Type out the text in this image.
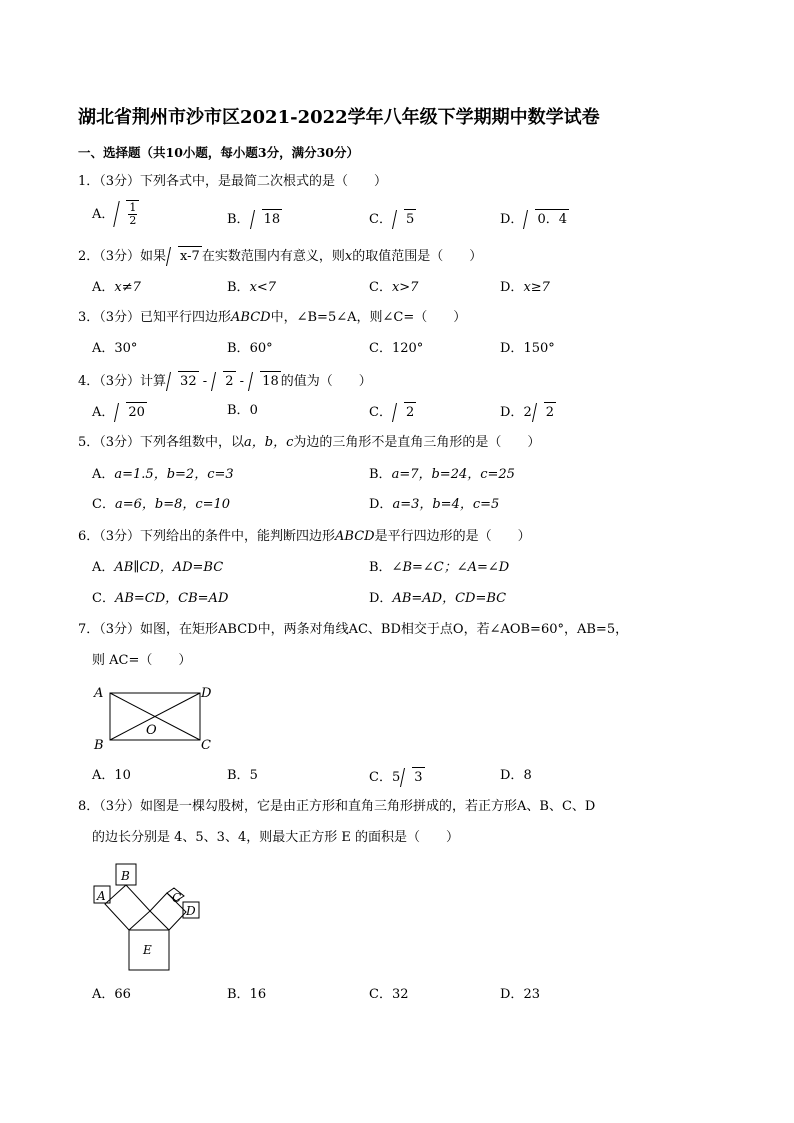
湖北省荆州市沙市区2021-2022学年八年级下学期期中数学试卷
一、选择题（共10小题，每小题3分，满分30分）
1．（3分）下列各式中，是最简二次根式的是（　　）
A． $\frac{1}{2}$	B． 18	C． 5	D． 0．4
2．（3分）如果 x-7 在实数范围内有意义，则x的取值范围是（　　）
A．x≠7	B．x<7	C．x>7	D．x≥7
3．（3分）已知平行四边形ABCD中，∠B=5∠A，则∠C=（　　）
A．30°	B．60°	C．120°	D．150°
4．（3分）计算 32 - 2 - 18 的值为（　　）
A． 20	B．0	C． 2	D．2 2
5．（3分）下列各组数中，以a，b，c为边的三角形不是直角三角形的是（　　）
A．a=1.5，b=2，c=3	B．a=7，b=24，c=25
C．a=6，b=8，c=10	D．a=3，b=4，c=5
6．（3分）下列给出的条件中，能判断四边形ABCD是平行四边形的是（　　）
A．AB∥CD，AD=BC	B．∠B=∠C；∠A=∠D
C．AB=CD，CB=AD	D．AB=AD，CD=BC
7．（3分）如图，在矩形ABCD中，两条对角线AC、BD相交于点O，若∠AOB=60°，AB=5，
则 AC=（　　）
A	D
B	C
O
A．10	B．5	C．5 3	D．8
8．（3分）如图是一棵勾股树，它是由正方形和直角三角形拼成的，若正方形A、B、C、D
的边长分别是 4、5、3、4，则最大正方形 E 的面积是（　　）
A
B
C
D
E
A．66	B．16	C．32	D．23
